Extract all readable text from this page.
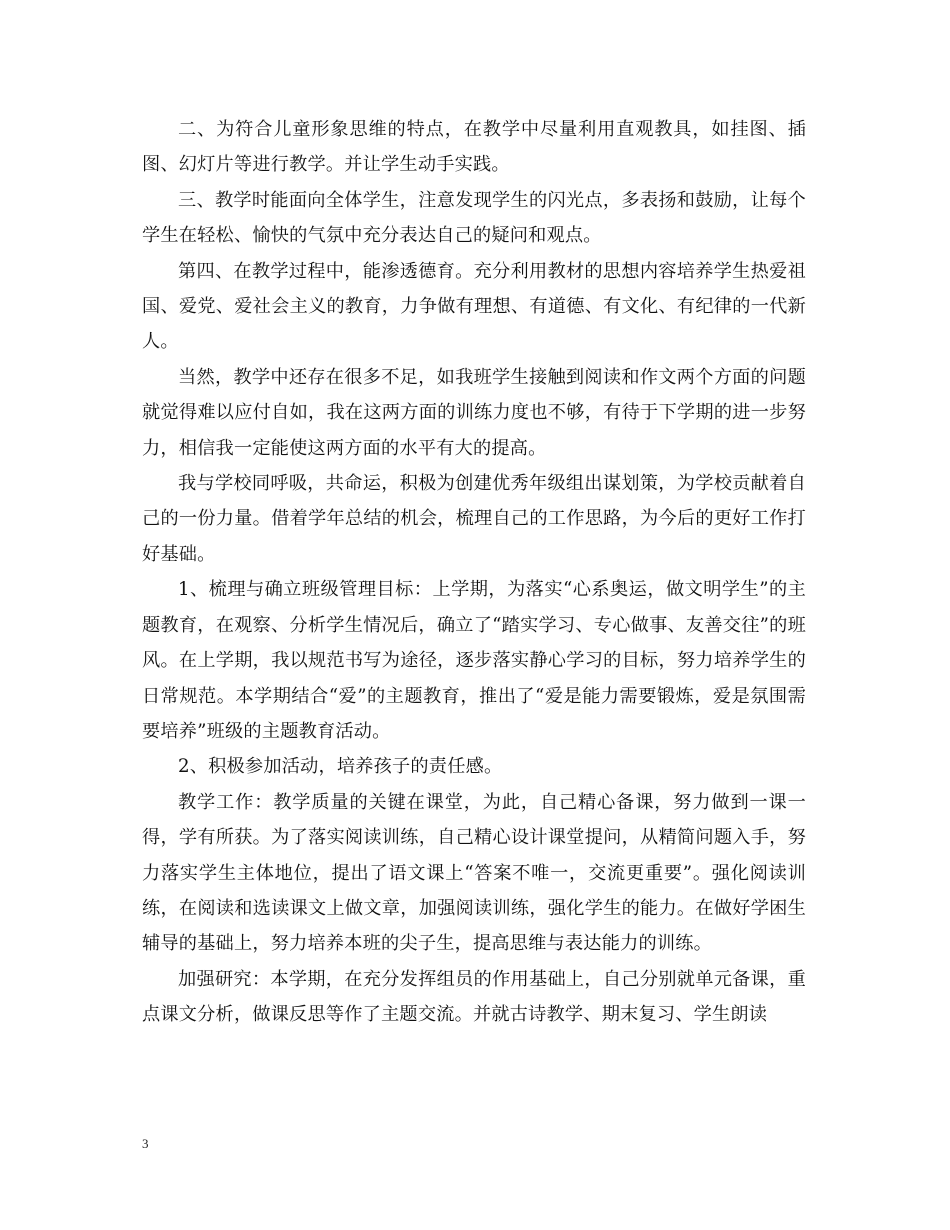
二、为符合儿童形象思维的特点，在教学中尽量利用直观教具，如挂图、插图、幻灯片等进行教学。并让学生动手实践。

三、教学时能面向全体学生，注意发现学生的闪光点，多表扬和鼓励，让每个学生在轻松、愉快的气氛中充分表达自己的疑问和观点。

第四、在教学过程中，能渗透德育。充分利用教材的思想内容培养学生热爱祖国、爱党、爱社会主义的教育，力争做有理想、有道德、有文化、有纪律的一代新人。

当然，教学中还存在很多不足，如我班学生接触到阅读和作文两个方面的问题就觉得难以应付自如，我在这两方面的训练力度也不够，有待于下学期的进一步努力，相信我一定能使这两方面的水平有大的提高。

我与学校同呼吸，共命运，积极为创建优秀年级组出谋划策，为学校贡献着自己的一份力量。借着学年总结的机会，梳理自己的工作思路，为今后的更好工作打好基础。

1、梳理与确立班级管理目标：上学期，为落实“心系奥运，做文明学生”的主题教育，在观察、分析学生情况后，确立了“踏实学习、专心做事、友善交往”的班风。在上学期，我以规范书写为途径，逐步落实静心学习的目标，努力培养学生的日常规范。本学期结合“爱”的主题教育，推出了“爱是能力需要锻炼，爱是氛围需要培养”班级的主题教育活动。

2、积极参加活动，培养孩子的责任感。

教学工作：教学质量的关键在课堂，为此，自己精心备课，努力做到一课一得，学有所获。为了落实阅读训练，自己精心设计课堂提问，从精简问题入手，努力落实学生主体地位，提出了语文课上“答案不唯一，交流更重要”。强化阅读训练，在阅读和选读课文上做文章，加强阅读训练，强化学生的能力。在做好学困生辅导的基础上，努力培养本班的尖子生，提高思维与表达能力的训练。

加强研究：本学期，在充分发挥组员的作用基础上，自己分别就单元备课，重点课文分析，做课反思等作了主题交流。并就古诗教学、期末复习、学生朗读

3
